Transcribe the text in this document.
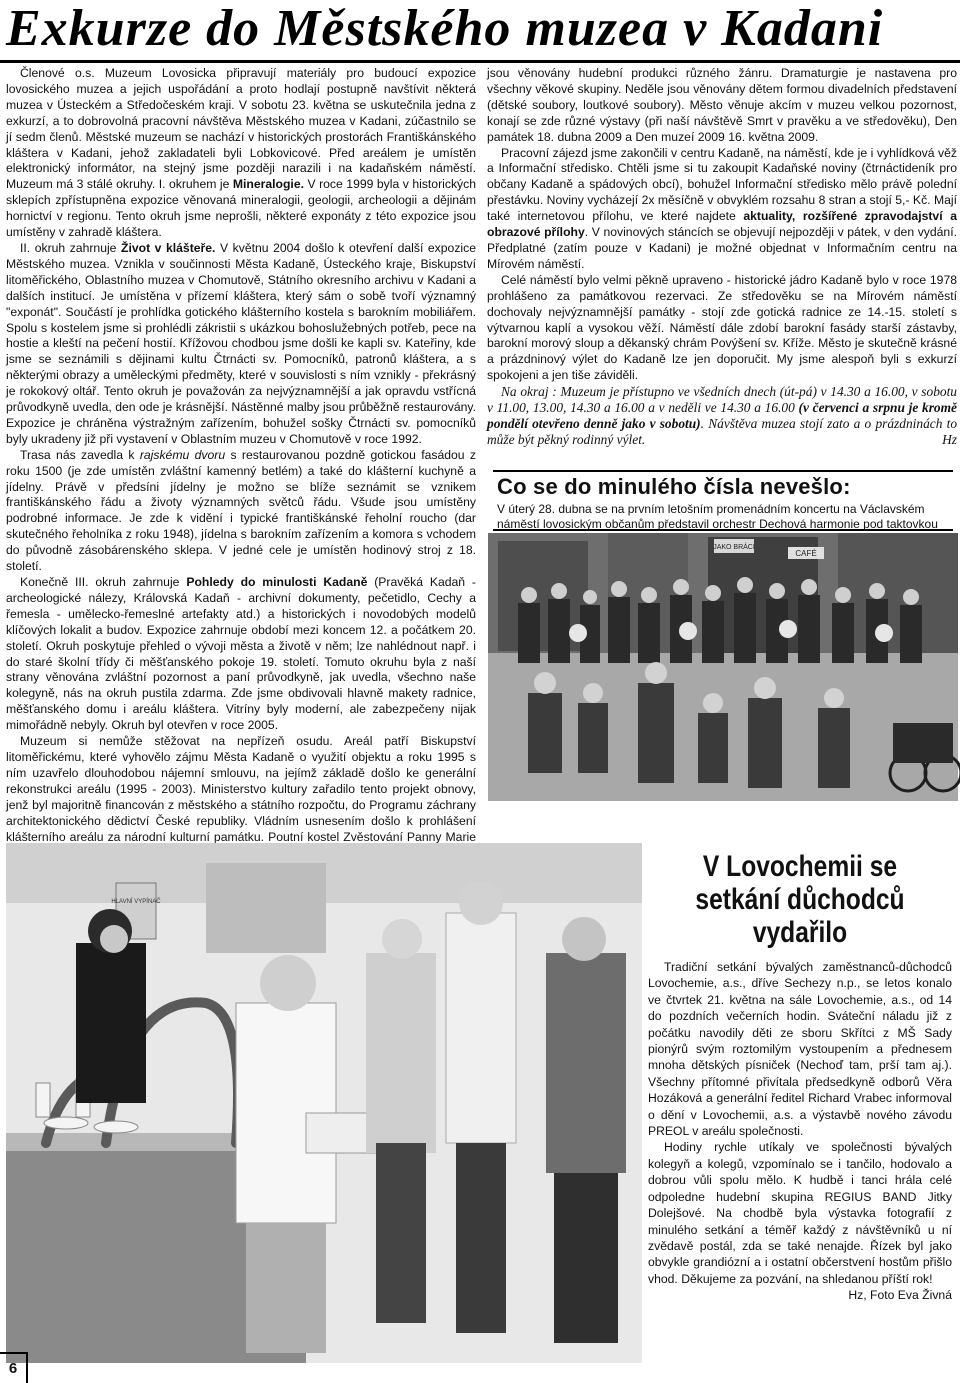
Exkurze do Městského muzea v Kadani

Členové o.s. Muzeum Lovosicka připravují materiály pro budoucí expozice lovosického muzea a jejich uspořádání a proto hodlají postupně navštívit některá muzea v Ústeckém a Středočeském kraji. V sobotu 23. května se uskutečnila jedna z exkurzí, a to dobrovolná pracovní návštěva Městského muzea v Kadani, zúčastnilo se jí sedm členů. Městské muzeum se nachází v historických prostorách Františkánského kláštera v Kadani, jehož zakladateli byli Lobkovicové. Před areálem je umístěn elektronický informátor, na stejný jsme později narazili i na kadaňském náměstí. Muzeum má 3 stálé okruhy. I. okruhem je Mineralogie. V roce 1999 byla v historických sklepích zpřístupněna expozice věnovaná mineralogii, geologii, archeologii a dějinám hornictví v regionu. Tento okruh jsme neprošli, některé exponáty z této expozice jsou umístěny v zahradě kláštera.

II. okruh zahrnuje Život v klášteře. V květnu 2004 došlo k otevření další expozice Městského muzea. Vznikla v součinnosti Města Kadaně, Ústeckého kraje, Biskupství litoměřického, Oblastního muzea v Chomutově, Státního okresního archivu v Kadani a dalších institucí. Je umístěna v přízemí kláštera, který sám o sobě tvoří významný "exponát". Součástí je prohlídka gotického klášterního kostela s barokním mobiliářem. Spolu s kostelem jsme si prohlédli zákristii s ukázkou bohoslužebných potřeb, pece na hostie a kleští na pečení hostií. Křížovou chodbou jsme došli ke kapli sv. Kateřiny, kde jsme se seznámili s dějinami kultu Čtrnácti sv. Pomocníků, patronů kláštera, a s některými obrazy a uměleckými předměty, které v souvislosti s ním vznikly - překrásný je rokokový oltář. Tento okruh je považován za nejvýznamnější a jak opravdu vstřícná průvodkyně uvedla, den ode je krásnější. Nástěnné malby jsou průběžně restaurovány. Expozice je chráněna výstražným zařízením, bohužel sošky Čtrnácti sv. pomocníků byly ukradeny již při vystavení v Oblastním muzeu v Chomutově v roce 1992.

Trasa nás zavedla k rajskému dvoru s restaurovanou pozdně gotickou fasádou z roku 1500 (je zde umístěn zvláštní kamenný betlém) a také do klášterní kuchyně a jídelny. Právě v předsíni jídelny je možno se blíže seznámit se vznikem františkánského řádu a životy významných světců řádu. Všude jsou umístěny podrobné informace. Je zde k vidění i typické františkánské řeholní roucho (dar skutečného řeholníka z roku 1948), jídelna s barokním zařízením a komora s vchodem do původně zásobárenského sklepa. V jedné cele je umístěn hodinový stroj z 18. století.

Konečně III. okruh zahrnuje Pohledy do minulosti Kadaně (Pravěká Kadaň - archeologické nálezy, Královská Kadaň - archivní dokumenty, pečetidlo, Cechy a řemesla - umělecko-řemeslné artefakty atd.) a historických i novodobých modelů klíčových lokalit a budov. Expozice zahrnuje období mezi koncem 12. a počátkem 20. století. Okruh poskytuje přehled o vývoji města a životě v něm; lze nahlédnout např. i do staré školní třídy či měšťanského pokoje 19. století. Tomuto okruhu byla z naší strany věnována zvláštní pozornost a paní průvodkyně, jak uvedla, všechno naše kolegyně, nás na okruh pustila zdarma. Zde jsme obdivovali hlavně makety radnice, měšťanského domu i areálu kláštera. Vitríny byly moderní, ale zabezpečeny nijak mimořádně nebyly. Okruh byl otevřen v roce 2005.

Muzeum si nemůže stěžovat na nepřízeň osudu. Areál patří Biskupství litoměřickému, které vyhovělo zájmu Města Kadaně o využití objektu a roku 1995 s ním uzavřelo dlouhodobou nájemní smlouvu, na jejímž základě došlo ke generální rekonstrukci areálu (1995 - 2003). Ministerstvo kultury zařadilo tento projekt obnovy, jenž byl majoritně financován z městského a státního rozpočtu, do Programu záchrany architektonického dědictví České republiky. Vládním usnesením došlo k prohlášení klášterního areálu za národní kulturní památku. Poutní kostel Zvěstování Panny Marie

jsou věnovány hudební produkci různého žánru. Dramaturgie je nastavena pro všechny věkové skupiny. Neděle jsou věnovány dětem formou divadelních představení (dětské soubory, loutkové soubory). Město věnuje akcím v muzeu velkou pozornost, konají se zde různé výstavy (při naší návštěvě Smrt v pravěku a ve středověku), Den památek 18. dubna 2009 a Den muzeí 2009 16. května 2009.

Pracovní zájezd jsme zakončili v centru Kadaně, na náměstí, kde je i vyhlídková věž a Informační středisko. Chtěli jsme si tu zakoupit Kadaňské noviny (čtrnáctideník pro občany Kadaně a spádových obcí), bohužel Informační středisko mělo právě polední přestávku. Noviny vycházejí 2x měsíčně v obvyklém rozsahu 8 stran a stojí 5,- Kč. Mají také internetovou přílohu, ve které najdete aktuality, rozšířené zpravodajství a obrazové přílohy. V novinových stáncích se objevují nejpozději v pátek, v den vydání. Předplatné (zatím pouze v Kadani) je možné objednat v Informačním centru na Mírovém náměstí.

Celé náměstí bylo velmi pěkně upraveno - historické jádro Kadaně bylo v roce 1978 prohlášeno za památkovou rezervaci. Ze středověku se na Mírovém náměstí dochovaly nejvýznamnější památky - stojí zde gotická radnice ze 14.-15. století s výtvarnou kaplí a vysokou věží. Náměstí dále zdobí barokní fasády starší zástavby, barokní morový sloup a děkanský chrám Povýšení sv. Kříže. Město je skutečně krásné a prázdninový výlet do Kadaně lze jen doporučit. My jsme alespoň byli s exkurzí spokojeni a jen tiše záviděli.

Na okraj : Muzeum je přístupno ve všedních dnech (út-pá) v 14.30 a 16.00, v sobotu v 11.00, 13.00, 14.30 a 16.00 a v neděli ve 14.30 a 16.00 (v červenci a srpnu je kromě pondělí otevřeno denně jako v sobotu). Návštěva muzea stojí zato a o prázdninách to může být pěkný rodinný výlet.	Hz

Co se do minulého čísla nevešlo:

V úterý 28. dubna se na prvním letošním promenádním koncertu na Václavském náměstí lovosickým občanům představil orchestr Dechová harmonie pod taktovkou

JAKO BRÁCI
CAFÉ
HLAVNÍ VYPÍNAČ
V Lovochemii se setkání důchodců vydařilo

Tradiční setkání bývalých zaměstnanců-důchodců Lovochemie, a.s., dříve Sechezy n.p., se letos konalo ve čtvrtek 21. května na sále Lovochemie, a.s., od 14 do pozdních večerních hodin. Sváteční náladu již z počátku navodily děti ze sboru Skřítci z MŠ Sady pionýrů svým roztomilým vystoupením a přednesem mnoha dětských písniček (Nechoď tam, prší tam aj.). Všechny přítomné přivítala předsedkyně odborů Věra Hozáková a generální ředitel Richard Vrabec informoval o dění v Lovochemii, a.s. a výstavbě nového závodu PREOL v areálu společnosti.

Hodiny rychle utíkaly ve společnosti bývalých kolegyň a kolegů, vzpomínalo se i tančilo, hodovalo a dobrou vůli spolu mělo. K hudbě i tanci hrála celé odpoledne hudební skupina REGIUS BAND Jitky Dolejšové. Na chodbě byla výstavka fotografií z minulého setkání a téměř každý z návštěvníků u ní zvědavě postál, zda se také nenajde. Řízek byl jako obvykle grandiózní a i ostatní občerstvení hostům přišlo vhod. Děkujeme za pozvání, na shledanou příští rok!
Hz, Foto Eva Živná

6
